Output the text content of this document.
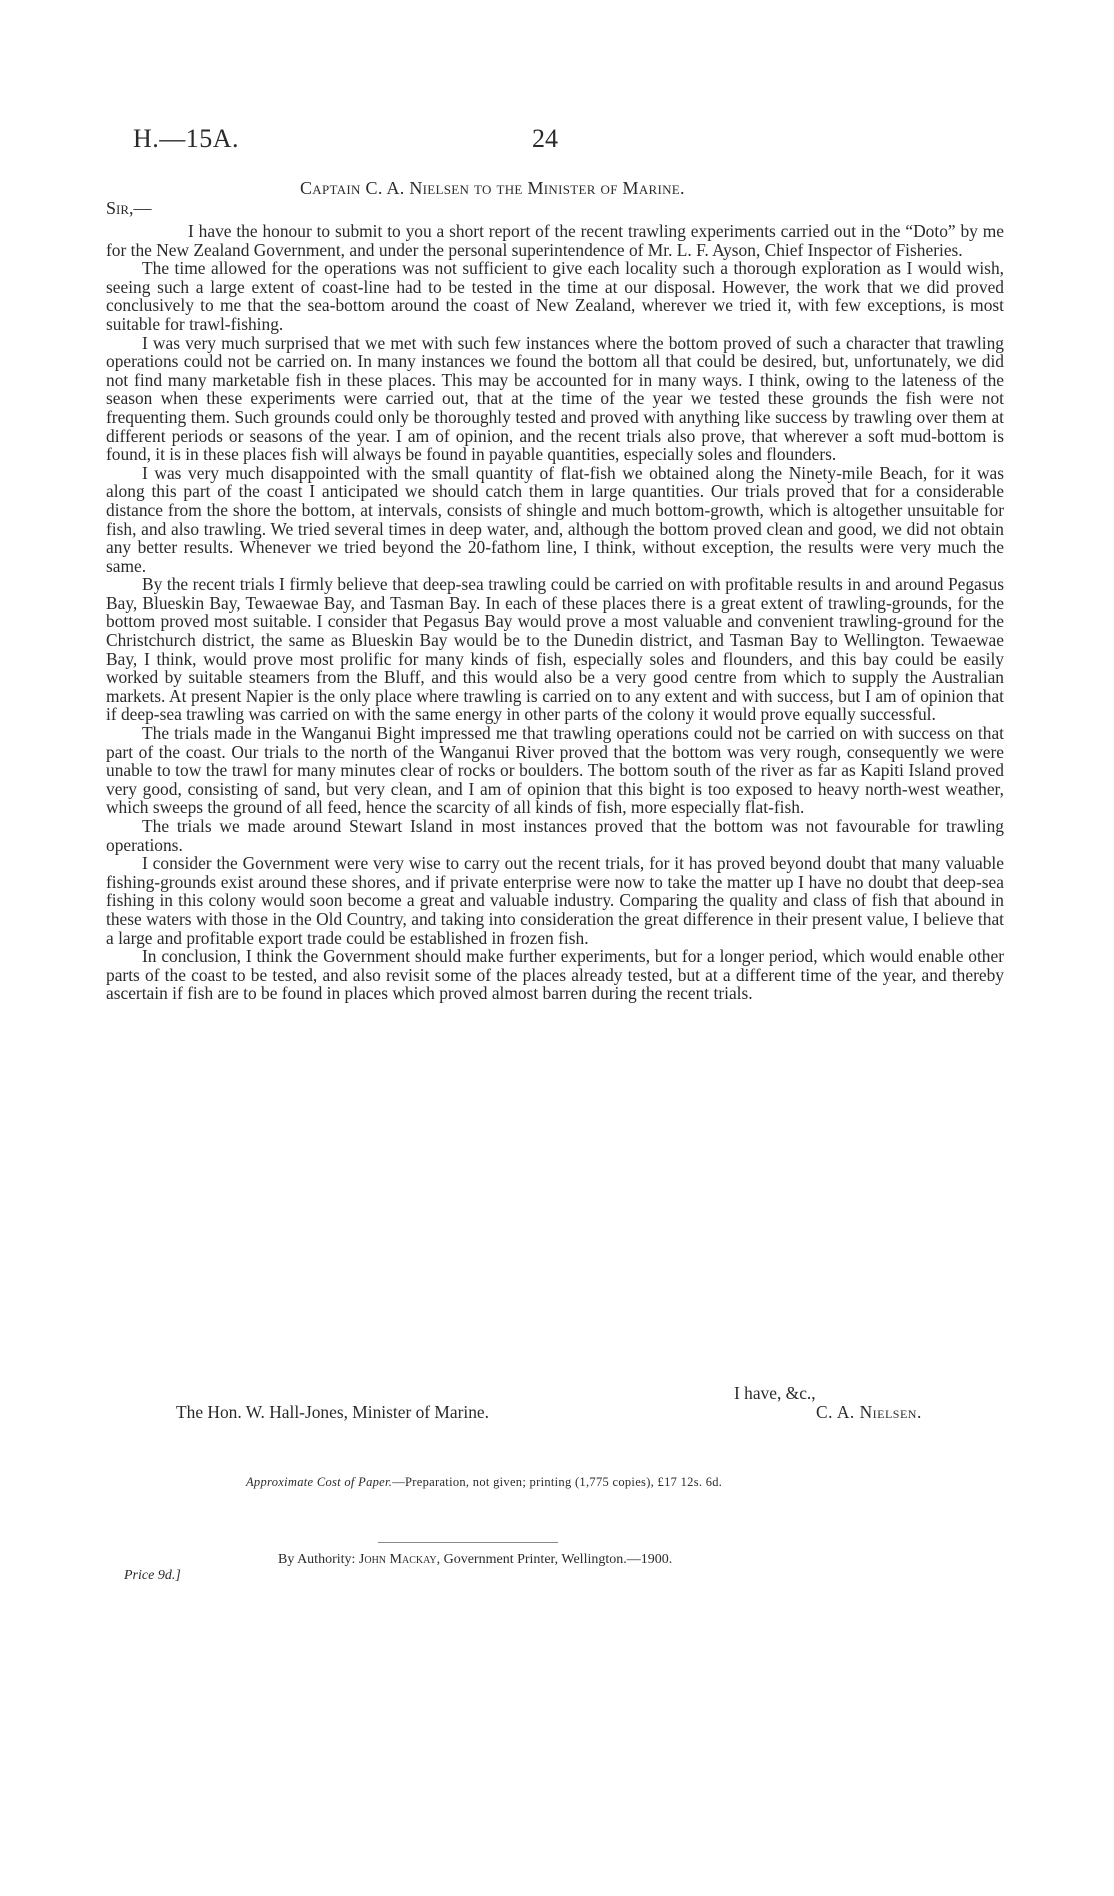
H.—15A.	24
Captain C. A. Nielsen to the Minister of Marine.
Sir,—

I have the honour to submit to you a short report of the recent trawling experiments carried out in the “Doto” by me for the New Zealand Government, and under the personal superintendence of Mr. L. F. Ayson, Chief Inspector of Fisheries.

The time allowed for the operations was not sufficient to give each locality such a thorough exploration as I would wish, seeing such a large extent of coast-line had to be tested in the time at our disposal. However, the work that we did proved conclusively to me that the sea-bottom around the coast of New Zealand, wherever we tried it, with few exceptions, is most suitable for trawl-fishing.

I was very much surprised that we met with such few instances where the bottom proved of such a character that trawling operations could not be carried on. In many instances we found the bottom all that could be desired, but, unfortunately, we did not find many marketable fish in these places. This may be accounted for in many ways. I think, owing to the lateness of the season when these experiments were carried out, that at the time of the year we tested these grounds the fish were not frequenting them. Such grounds could only be thoroughly tested and proved with anything like success by trawling over them at different periods or seasons of the year. I am of opinion, and the recent trials also prove, that wherever a soft mud-bottom is found, it is in these places fish will always be found in payable quantities, especially soles and flounders.

I was very much disappointed with the small quantity of flat-fish we obtained along the Ninety-mile Beach, for it was along this part of the coast I anticipated we should catch them in large quantities. Our trials proved that for a considerable distance from the shore the bottom, at intervals, consists of shingle and much bottom-growth, which is altogether unsuitable for fish, and also trawling. We tried several times in deep water, and, although the bottom proved clean and good, we did not obtain any better results. Whenever we tried beyond the 20-fathom line, I think, without exception, the results were very much the same.

By the recent trials I firmly believe that deep-sea trawling could be carried on with profitable results in and around Pegasus Bay, Blueskin Bay, Tewaewae Bay, and Tasman Bay. In each of these places there is a great extent of trawling-grounds, for the bottom proved most suitable. I consider that Pegasus Bay would prove a most valuable and convenient trawling-ground for the Christchurch district, the same as Blueskin Bay would be to the Dunedin district, and Tasman Bay to Wellington. Tewaewae Bay, I think, would prove most prolific for many kinds of fish, especially soles and flounders, and this bay could be easily worked by suitable steamers from the Bluff, and this would also be a very good centre from which to supply the Australian markets. At present Napier is the only place where trawling is carried on to any extent and with success, but I am of opinion that if deep-sea trawling was carried on with the same energy in other parts of the colony it would prove equally successful.

The trials made in the Wanganui Bight impressed me that trawling operations could not be carried on with success on that part of the coast. Our trials to the north of the Wanganui River proved that the bottom was very rough, consequently we were unable to tow the trawl for many minutes clear of rocks or boulders. The bottom south of the river as far as Kapiti Island proved very good, consisting of sand, but very clean, and I am of opinion that this bight is too exposed to heavy north-west weather, which sweeps the ground of all feed, hence the scarcity of all kinds of fish, more especially flat-fish.

The trials we made around Stewart Island in most instances proved that the bottom was not favourable for trawling operations.

I consider the Government were very wise to carry out the recent trials, for it has proved beyond doubt that many valuable fishing-grounds exist around these shores, and if private enterprise were now to take the matter up I have no doubt that deep-sea fishing in this colony would soon become a great and valuable industry. Comparing the quality and class of fish that abound in these waters with those in the Old Country, and taking into consideration the great difference in their present value, I believe that a large and profitable export trade could be established in frozen fish.

In conclusion, I think the Government should make further experiments, but for a longer period, which would enable other parts of the coast to be tested, and also revisit some of the places already tested, but at a different time of the year, and thereby ascertain if fish are to be found in places which proved almost barren during the recent trials.

I have, &c.,
The Hon. W. Hall-Jones, Minister of Marine.	C. A. Nielsen.
Approximate Cost of Paper.—Preparation, not given; printing (1,775 copies), £17 12s. 6d.
By Authority: John Mackay, Government Printer, Wellington.—1900.
Price 9d.]
